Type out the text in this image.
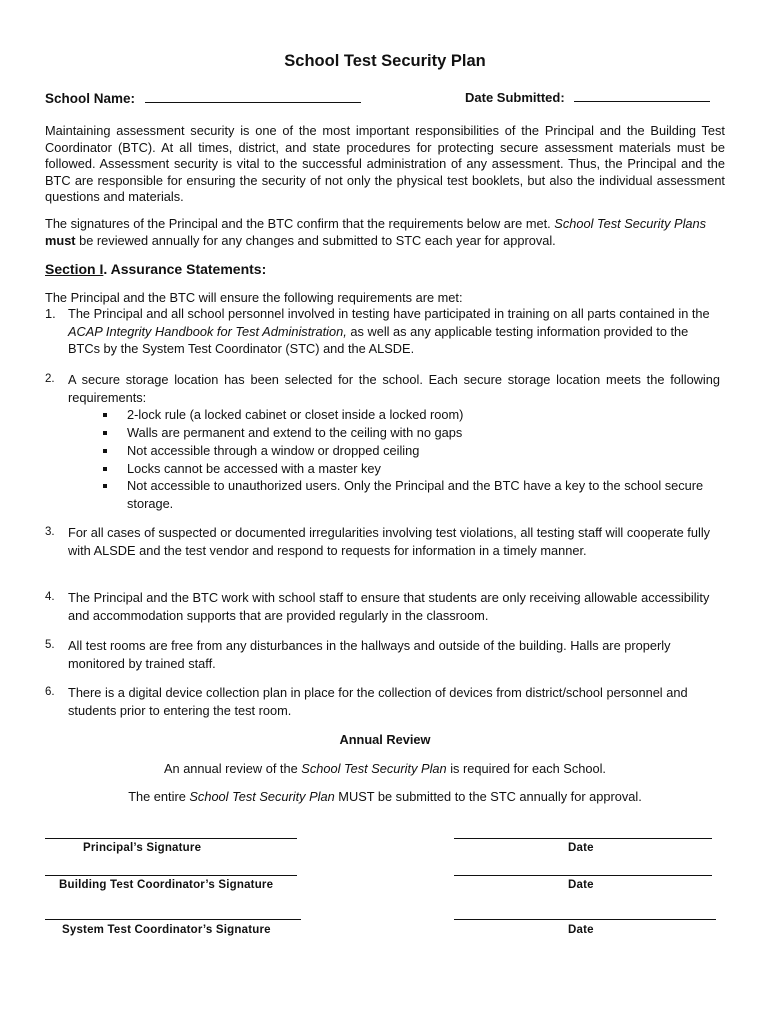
School Test Security Plan
School Name:	Date Submitted:
Maintaining assessment security is one of the most important responsibilities of the Principal and the Building Test Coordinator (BTC). At all times, district, and state procedures for protecting secure assessment materials must be followed. Assessment security is vital to the successful administration of any assessment. Thus, the Principal and the BTC are responsible for ensuring the security of not only the physical test booklets, but also the individual assessment questions and materials.
The signatures of the Principal and the BTC confirm that the requirements below are met. School Test Security Plans must be reviewed annually for any changes and submitted to STC each year for approval.
Section I. Assurance Statements:
The Principal and the BTC will ensure the following requirements are met:
1. The Principal and all school personnel involved in testing have participated in training on all parts contained in the ACAP Integrity Handbook for Test Administration, as well as any applicable testing information provided to the BTCs by the System Test Coordinator (STC) and the ALSDE.
2.	A secure storage location has been selected for the school. Each secure storage location meets the following requirements:
2-lock rule (a locked cabinet or closet inside a locked room)
Walls are permanent and extend to the ceiling with no gaps
Not accessible through a window or dropped ceiling
Locks cannot be accessed with a master key
Not accessible to unauthorized users. Only the Principal and the BTC have a key to the school secure storage.
3.	For all cases of suspected or documented irregularities involving test violations, all testing staff will cooperate fully with ALSDE and the test vendor and respond to requests for information in a timely manner.
4.	The Principal and the BTC work with school staff to ensure that students are only receiving allowable accessibility and accommodation supports that are provided regularly in the classroom.
5.	All test rooms are free from any disturbances in the hallways and outside of the building. Halls are properly monitored by trained staff.
6.	There is a digital device collection plan in place for the collection of devices from district/school personnel and students prior to entering the test room.
Annual Review
An annual review of the School Test Security Plan is required for each School.
The entire School Test Security Plan MUST be submitted to the STC annually for approval.
Principal’s Signature	Date
Building Test Coordinator’s Signature	Date
System Test Coordinator’s Signature	Date
